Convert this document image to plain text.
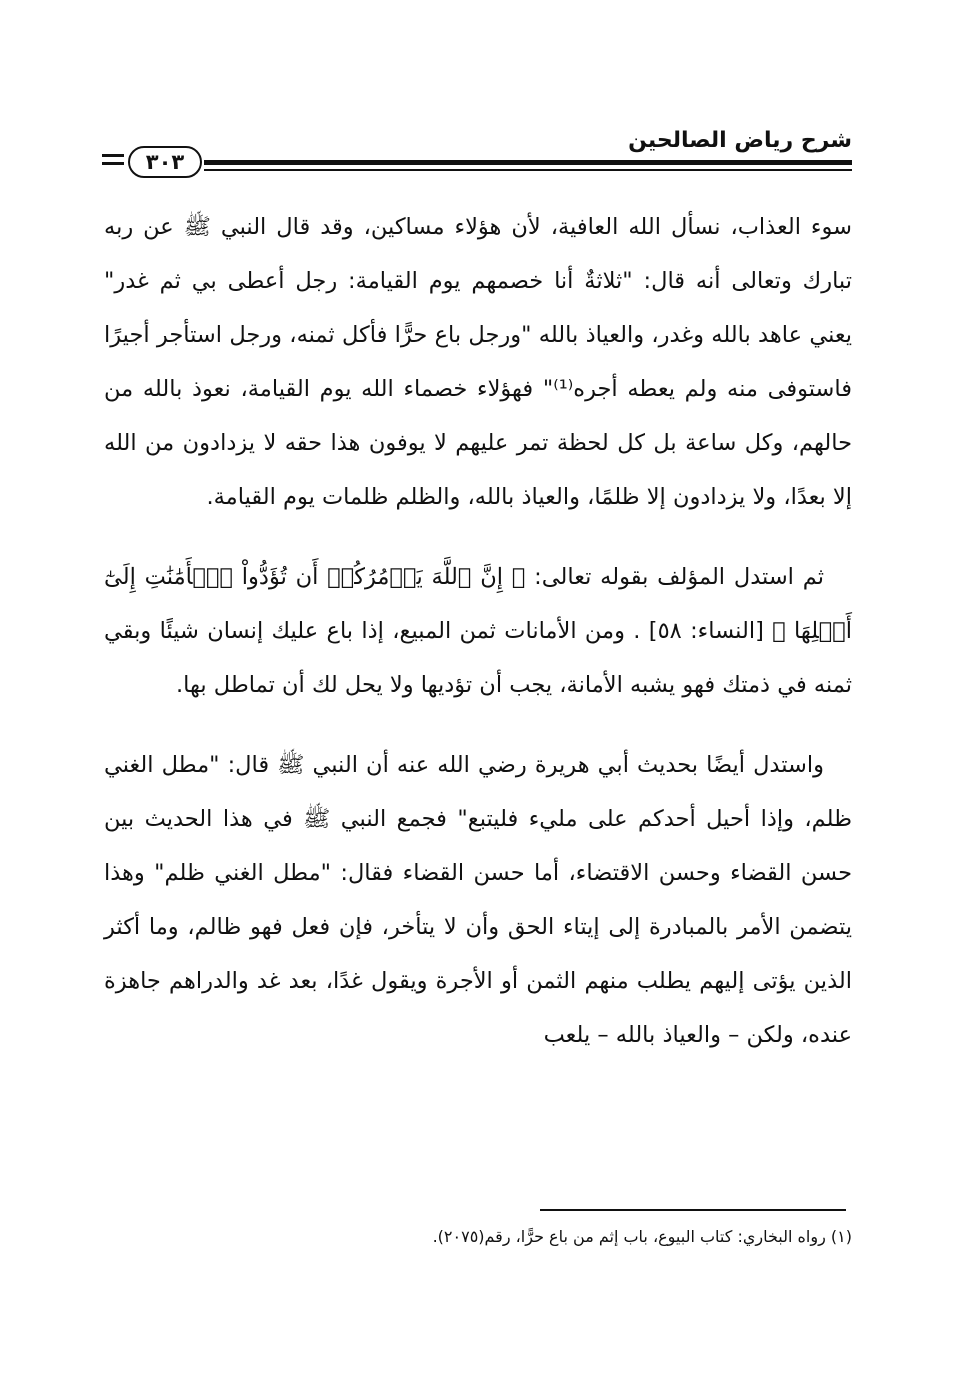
شرح رياض الصالحين
٣٠٣

سوء العذاب، نسأل الله العافية، لأن هؤلاء مساكين، وقد قال النبي ﷺ عن ربه تبارك وتعالى أنه قال: "ثلاثةٌ أنا خصمهم يوم القيامة: رجل أعطى بي ثم غدر" يعني عاهد بالله وغدر، والعياذ بالله "ورجل باع حرًّا فأكل ثمنه، ورجل استأجر أجيرًا فاستوفى منه ولم يعطه أجره⁽¹⁾" فهؤلاء خصماء الله يوم القيامة، نعوذ بالله من حالهم، وكل ساعة بل كل لحظة تمر عليهم لا يوفون هذا حقه لا يزدادون من الله إلا بعدًا، ولا يزدادون إلا ظلمًا، والعياذ بالله، والظلم ظلمات يوم القيامة.

ثم استدل المؤلف بقوله تعالى: ﴿ إِنَّ ٱللَّهَ يَأۡمُرُكُمۡ أَن تُؤَدُّواْ ٱلۡأَمَٰنَٰتِ إِلَىٰٓ أَهۡلِهَا ﴾ [النساء: ٥٨] . ومن الأمانات ثمن المبيع، إذا باع عليك إنسان شيئًا وبقي ثمنه في ذمتك فهو يشبه الأمانة، يجب أن تؤديها ولا يحل لك أن تماطل بها.

واستدل أيضًا بحديث أبي هريرة رضي الله عنه أن النبي ﷺ قال: "مطل الغني ظلم، وإذا أحيل أحدكم على مليء فليتبع" فجمع النبي ﷺ في هذا الحديث بين حسن القضاء وحسن الاقتضاء، أما حسن القضاء فقال: "مطل الغني ظلم" وهذا يتضمن الأمر بالمبادرة إلى إيتاء الحق وأن لا يتأخر، فإن فعل فهو ظالم، وما أكثر الذين يؤتى إليهم يطلب منهم الثمن أو الأجرة ويقول غدًا، بعد غد والدراهم جاهزة عنده، ولكن – والعياذ بالله – يلعب

(١) رواه البخاري: كتاب البيوع، باب إثم من باع حرًّا، رقم(٢٠٧٥).
